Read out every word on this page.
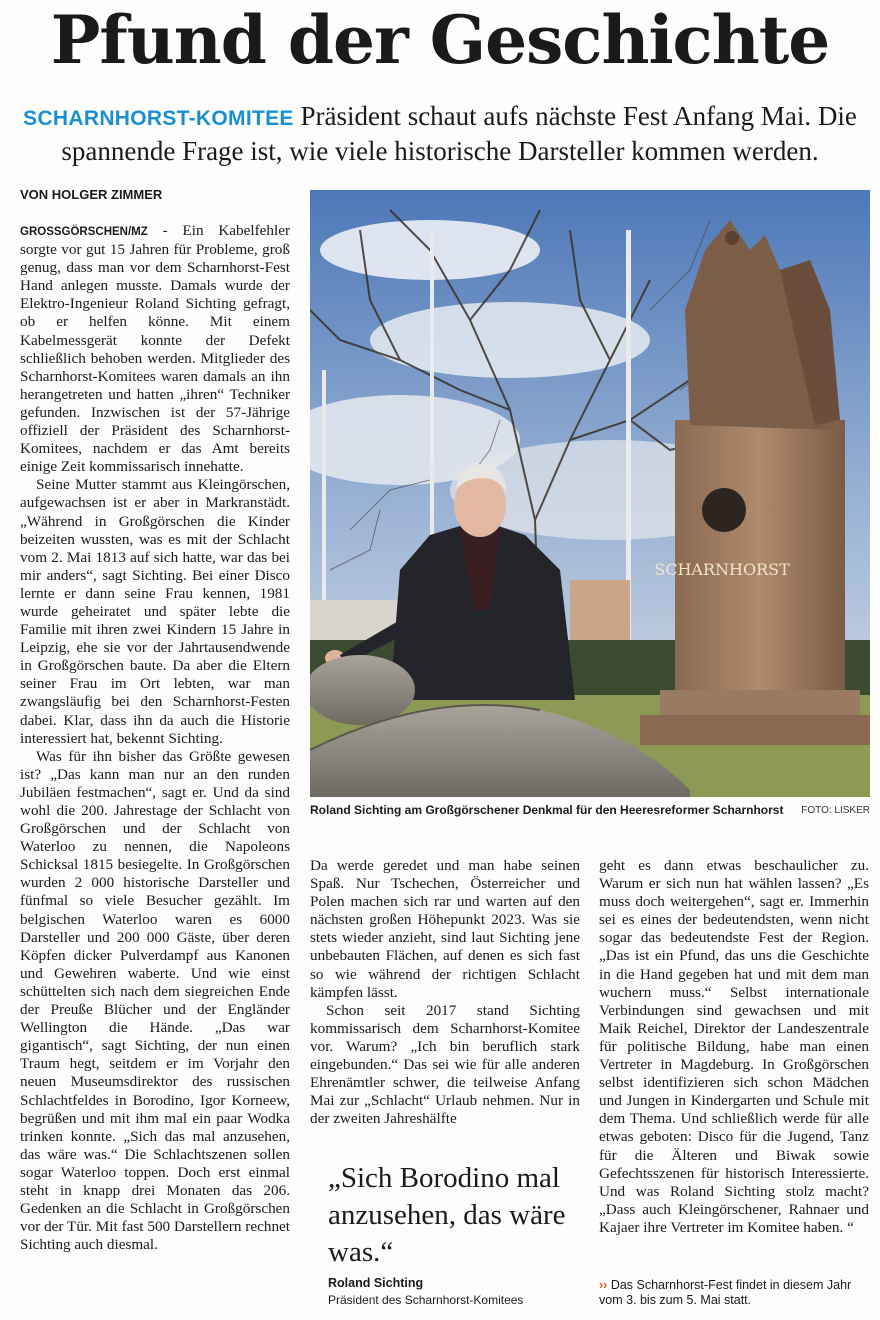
Pfund der Geschichte

SCHARNHORST-KOMITEE Präsident schaut aufs nächste Fest Anfang Mai. Die spannende Frage ist, wie viele historische Darsteller kommen werden.

VON HOLGER ZIMMER

GROSSGÖRSCHEN/MZ - Ein Kabelfehler sorgte vor gut 15 Jahren für Probleme, groß genug, dass man vor dem Scharnhorst-Fest Hand anlegen musste. Damals wurde der Elektro-Ingenieur Roland Sichting gefragt, ob er helfen könne. Mit einem Kabelmessgerät konnte der Defekt schließlich behoben werden. Mitglieder des Scharnhorst-Komitees waren damals an ihn herangetreten und hatten „ihren“ Techniker gefunden. Inzwischen ist der 57-Jährige offiziell der Präsident des Scharnhorst-Komitees, nachdem er das Amt bereits einige Zeit kommissarisch innehatte.

Seine Mutter stammt aus Kleingörschen, aufgewachsen ist er aber in Markranstädt. „Während in Großgörschen die Kinder beizeiten wussten, was es mit der Schlacht vom 2. Mai 1813 auf sich hatte, war das bei mir anders“, sagt Sichting. Bei einer Disco lernte er dann seine Frau kennen, 1981 wurde geheiratet und später lebte die Familie mit ihren zwei Kindern 15 Jahre in Leipzig, ehe sie vor der Jahrtausendwende in Großgörschen baute. Da aber die Eltern seiner Frau im Ort lebten, war man zwangsläufig bei den Scharnhorst-Festen dabei. Klar, dass ihn da auch die Historie interessiert hat, bekennt Sichting.

Was für ihn bisher das Größte gewesen ist? „Das kann man nur an den runden Jubiläen festmachen“, sagt er. Und da sind wohl die 200. Jahrestage der Schlacht von Großgörschen und der Schlacht von Waterloo zu nennen, die Napoleons Schicksal 1815 besiegelte. In Großgörschen wurden 2 000 historische Darsteller und fünfmal so viele Besucher gezählt. Im belgischen Waterloo waren es 6000 Darsteller und 200 000 Gäste, über deren Köpfen dicker Pulverdampf aus Kanonen und Gewehren waberte. Und wie einst schüttelten sich nach dem siegreichen Ende der Preuße Blücher und der Engländer Wellington die Hände. „Das war gigantisch“, sagt Sichting, der nun einen Traum hegt, seitdem er im Vorjahr den neuen Museumsdirektor des russischen Schlachtfeldes in Borodino, Igor Korneew, begrüßen und mit ihm mal ein paar Wodka trinken konnte. „Sich das mal anzusehen, das wäre was.“ Die Schlachtszenen sollen sogar Waterloo toppen. Doch erst einmal steht in knapp drei Monaten das 206. Gedenken an die Schlacht in Großgörschen vor der Tür. Mit fast 500 Darstellern rechnet Sichting auch diesmal.

SCHARNHORST
Roland Sichting am Großgörschener Denkmal für den Heeresreformer Scharnhorst FOTO: LISKER

Da werde geredet und man habe seinen Spaß. Nur Tschechen, Österreicher und Polen machen sich rar und warten auf den nächsten großen Höhepunkt 2023. Was sie stets wieder anzieht, sind laut Sichting jene unbebauten Flächen, auf denen es sich fast so wie während der richtigen Schlacht kämpfen lässt.

Schon seit 2017 stand Sichting kommissarisch dem Scharnhorst-Komitee vor. Warum? „Ich bin beruflich stark eingebunden.“ Das sei wie für alle anderen Ehrenämtler schwer, die teilweise Anfang Mai zur „Schlacht“ Urlaub nehmen. Nur in der zweiten Jahreshälfte

„Sich Borodino mal anzusehen, das wäre was.“
Roland Sichting
Präsident des Scharnhorst-Komitees

geht es dann etwas beschaulicher zu. Warum er sich nun hat wählen lassen? „Es muss doch weitergehen“, sagt er. Immerhin sei es eines der bedeutendsten, wenn nicht sogar das bedeutendste Fest der Region. „Das ist ein Pfund, das uns die Geschichte in die Hand gegeben hat und mit dem man wuchern muss.“ Selbst internationale Verbindungen sind gewachsen und mit Maik Reichel, Direktor der Landeszentrale für politische Bildung, habe man einen Vertreter in Magdeburg. In Großgörschen selbst identifizieren sich schon Mädchen und Jungen in Kindergarten und Schule mit dem Thema. Und schließlich werde für alle etwas geboten: Disco für die Jugend, Tanz für die Älteren und Biwak sowie Gefechtsszenen für historisch Interessierte. Und was Roland Sichting stolz macht? „Dass auch Kleingörschener, Rahnaer und Kajaer ihre Vertreter im Komitee haben. “

›› Das Scharnhorst-Fest findet in diesem Jahr vom 3. bis zum 5. Mai statt.
